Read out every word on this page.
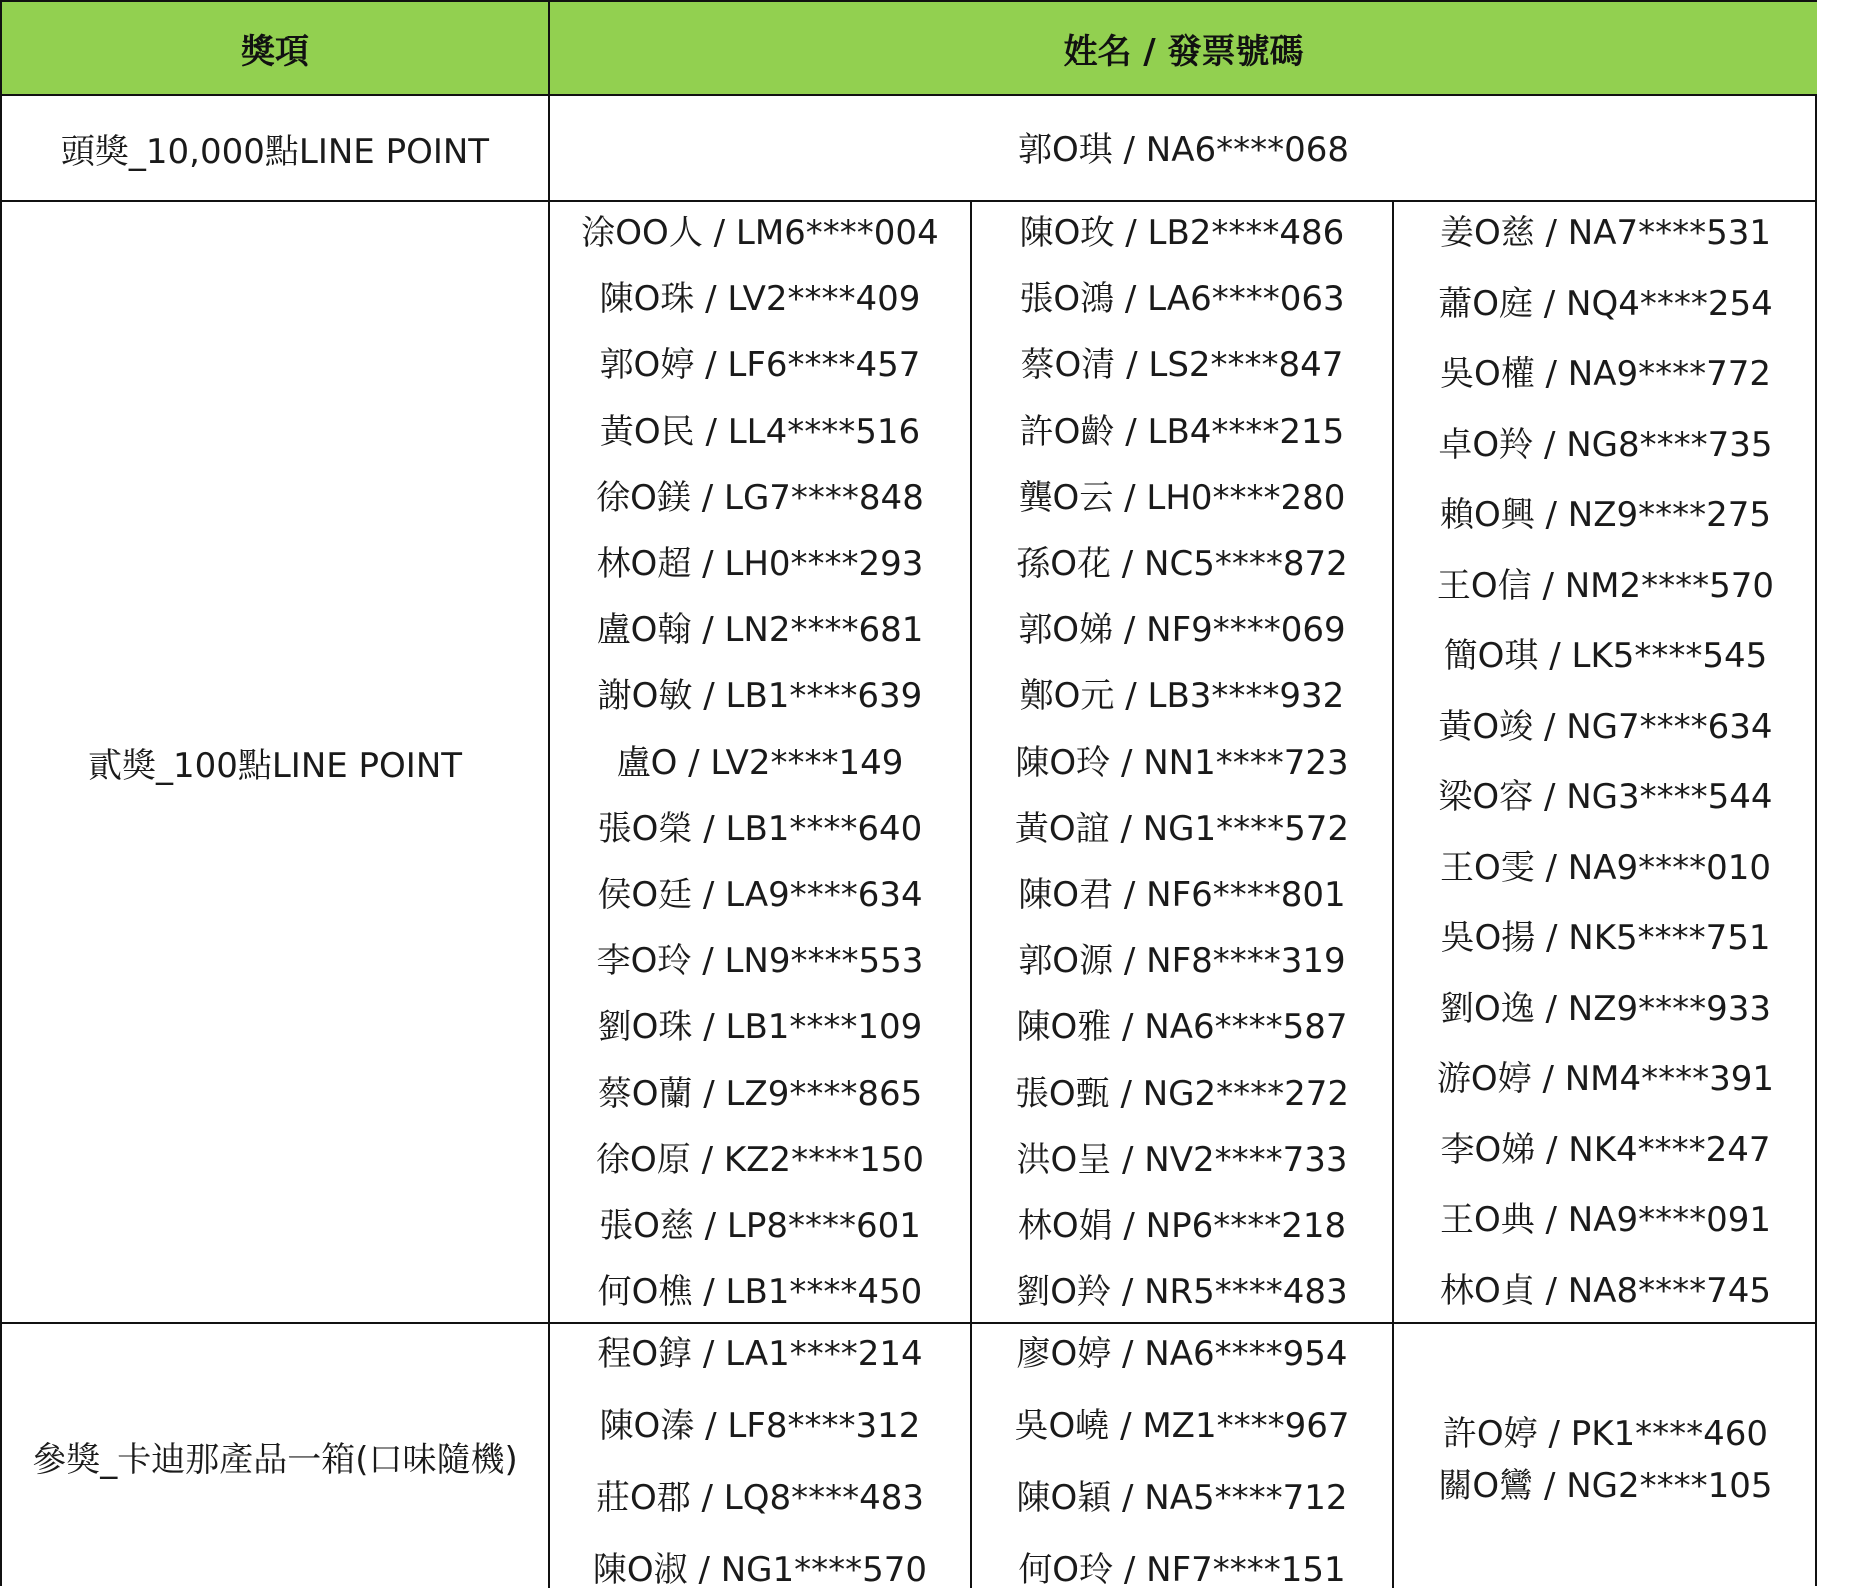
獎項	姓名 / 發票號碼
頭獎_10,000點LINE POINT	郭O琪 / NA6****068
貳獎_100點LINE POINT
涂OO人 / LM6****004
陳O珠 / LV2****409
郭O婷 / LF6****457
黃O民 / LL4****516
徐O鎂 / LG7****848
林O超 / LH0****293
盧O翰 / LN2****681
謝O敏 / LB1****639
盧O / LV2****149
張O榮 / LB1****640
侯O廷 / LA9****634
李O玲 / LN9****553
劉O珠 / LB1****109
蔡O蘭 / LZ9****865
徐O原 / KZ2****150
張O慈 / LP8****601
何O樵 / LB1****450
陳O玫 / LB2****486
張O鴻 / LA6****063
蔡O清 / LS2****847
許O齡 / LB4****215
龔O云 / LH0****280
孫O花 / NC5****872
郭O娣 / NF9****069
鄭O元 / LB3****932
陳O玲 / NN1****723
黃O誼 / NG1****572
陳O君 / NF6****801
郭O源 / NF8****319
陳O雅 / NA6****587
張O甄 / NG2****272
洪O呈 / NV2****733
林O娟 / NP6****218
劉O羚 / NR5****483
姜O慈 / NA7****531
蕭O庭 / NQ4****254
吳O權 / NA9****772
卓O羚 / NG8****735
賴O興 / NZ9****275
王O信 / NM2****570
簡O琪 / LK5****545
黃O竣 / NG7****634
梁O容 / NG3****544
王O雯 / NA9****010
吳O揚 / NK5****751
劉O逸 / NZ9****933
游O婷 / NM4****391
李O娣 / NK4****247
王O典 / NA9****091
林O貞 / NA8****745
參獎_卡迪那產品一箱(口味隨機)
程O錞 / LA1****214
陳O溱 / LF8****312
莊O郡 / LQ8****483
陳O淑 / NG1****570
廖O婷 / NA6****954
吳O嶢 / MZ1****967
陳O穎 / NA5****712
何O玲 / NF7****151
許O婷 / PK1****460
關O鸞 / NG2****105
